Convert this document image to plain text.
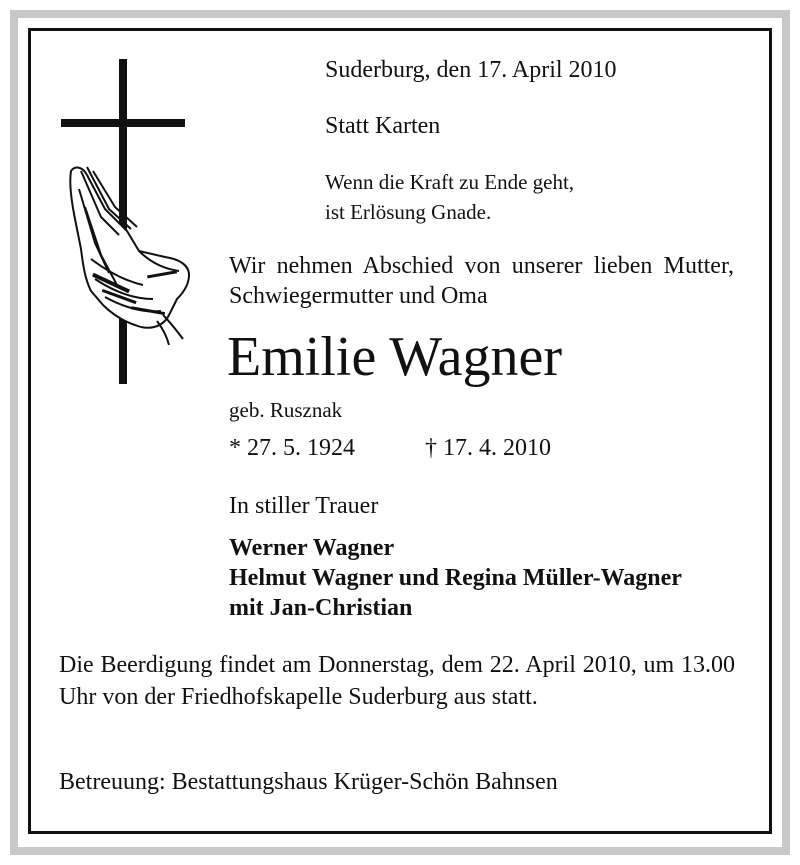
Suderburg, den 17. April 2010
Statt Karten
Wenn die Kraft zu Ende geht,
ist Erlösung Gnade.
Wir nehmen Abschied von unserer lieben Mutter, Schwiegermutter und Oma
Emilie Wagner
geb. Rusznak
* 27. 5. 1924	† 17. 4. 2010
In stiller Trauer
Werner Wagner
Helmut Wagner und Regina Müller-Wagner
mit Jan-Christian
Die Beerdigung findet am Donnerstag, dem 22. April 2010, um 13.00 Uhr von der Friedhofskapelle Suderburg aus statt.
Betreuung: Bestattungshaus Krüger-Schön Bahnsen
